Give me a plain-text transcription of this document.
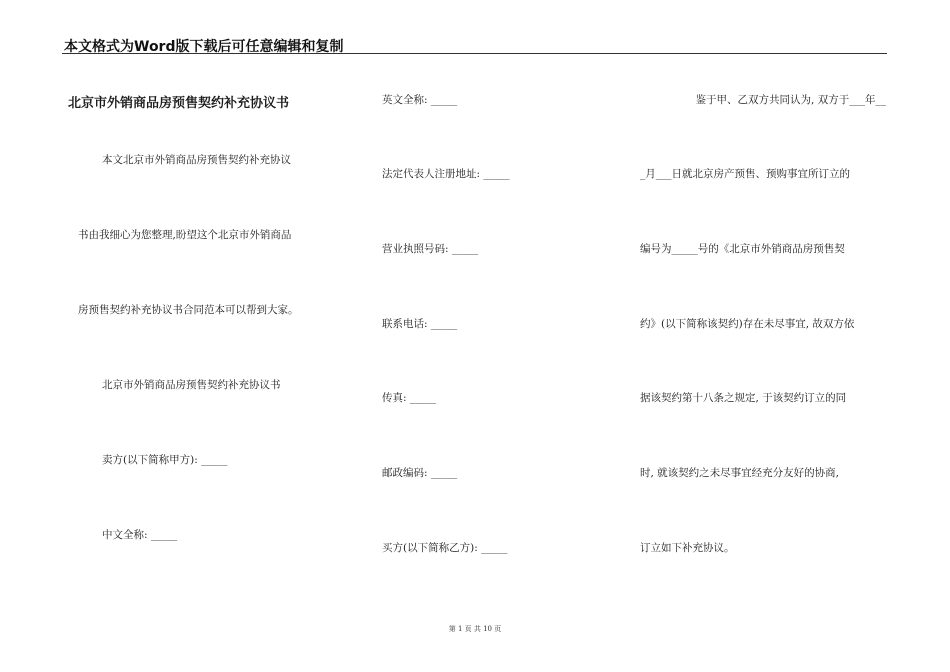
本文格式为Word版下载后可任意编辑和复制
北京市外销商品房预售契约补充协议书
本文北京市外销商品房预售契约补充协议
书由我细心为您整理,盼望这个北京市外销商品
房预售契约补充协议书合同范本可以帮到大家。
北京市外销商品房预售契约补充协议书
卖方(以下简称甲方): _____
中文全称: _____
英文全称: _____
法定代表人注册地址: _____
营业执照号码: _____
联系电话: _____
传真: _____
邮政编码: _____
买方(以下简称乙方): _____
鉴于甲、乙双方共同认为, 双方于___年__
_月___日就北京房产预售、预购事宜所订立的
编号为_____号的《北京市外销商品房预售契
约》(以下简称该契约)存在未尽事宜, 故双方依
据该契约第十八条之规定, 于该契约订立的同
时, 就该契约之未尽事宜经充分友好的协商,
订立如下补充协议。
第 1 页 共 10 页
